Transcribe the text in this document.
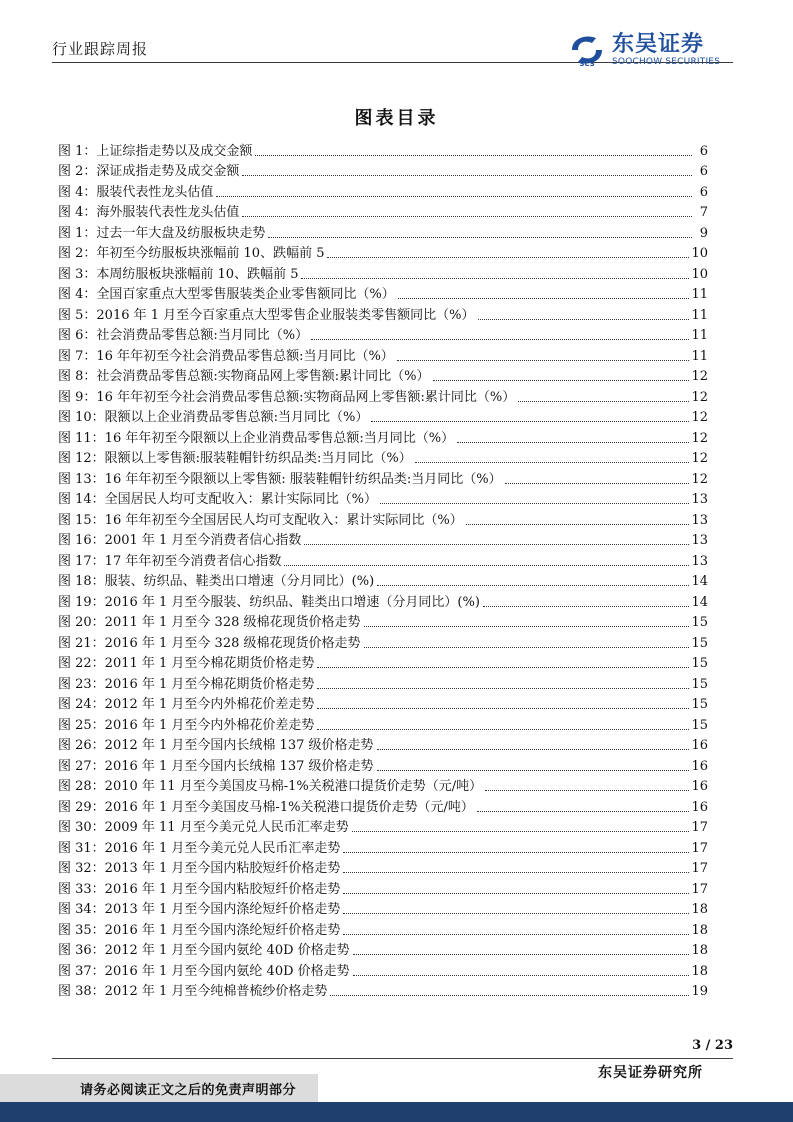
行业跟踪周报
SCS
东吴证券
SOOCHOW SECURITIES
图表目录
图 1：上证综指走势以及成交金额	6
图 2：深证成指走势及成交金额	6
图 4：服装代表性龙头估值	6
图 4：海外服装代表性龙头估值	7
图 1：过去一年大盘及纺服板块走势	9
图 2：年初至今纺服板块涨幅前 10、跌幅前 5	10
图 3：本周纺服板块涨幅前 10、跌幅前 5	10
图 4：全国百家重点大型零售服装类企业零售额同比（%）	11
图 5：2016 年 1 月至今百家重点大型零售企业服装类零售额同比（%）	11
图 6：社会消费品零售总额:当月同比（%）	11
图 7：16 年年初至今社会消费品零售总额:当月同比（%）	11
图 8：社会消费品零售总额:实物商品网上零售额:累计同比（%）	12
图 9：16 年年初至今社会消费品零售总额:实物商品网上零售额:累计同比（%）	12
图 10：限额以上企业消费品零售总额:当月同比（%）	12
图 11：16 年年初至今限额以上企业消费品零售总额:当月同比（%）	12
图 12：限额以上零售额:服装鞋帽针纺织品类:当月同比（%）	12
图 13：16 年年初至今限额以上零售额: 服装鞋帽针纺织品类:当月同比（%）	12
图 14：全国居民人均可支配收入：累计实际同比（%）	13
图 15：16 年年初至今全国居民人均可支配收入：累计实际同比（%）	13
图 16：2001 年 1 月至今消费者信心指数	13
图 17：17 年年初至今消费者信心指数	13
图 18：服装、纺织品、鞋类出口增速（分月同比）(%)	14
图 19：2016 年 1 月至今服装、纺织品、鞋类出口增速（分月同比）(%)	14
图 20：2011 年 1 月至今 328 级棉花现货价格走势	15
图 21：2016 年 1 月至今 328 级棉花现货价格走势	15
图 22：2011 年 1 月至今棉花期货价格走势	15
图 23：2016 年 1 月至今棉花期货价格走势	15
图 24：2012 年 1 月至今内外棉花价差走势	15
图 25：2016 年 1 月至今内外棉花价差走势	15
图 26：2012 年 1 月至今国内长绒棉 137 级价格走势	16
图 27：2016 年 1 月至今国内长绒棉 137 级价格走势	16
图 28：2010 年 11 月至今美国皮马棉-1%关税港口提货价走势（元/吨）	16
图 29：2016 年 1 月至今美国皮马棉-1%关税港口提货价走势（元/吨）	16
图 30：2009 年 11 月至今美元兑人民币汇率走势	17
图 31：2016 年 1 月至今美元兑人民币汇率走势	17
图 32：2013 年 1 月至今国内粘胶短纤价格走势	17
图 33：2016 年 1 月至今国内粘胶短纤价格走势	17
图 34：2013 年 1 月至今国内涤纶短纤价格走势	18
图 35：2016 年 1 月至今国内涤纶短纤价格走势	18
图 36：2012 年 1 月至今国内氨纶 40D 价格走势	18
图 37：2016 年 1 月至今国内氨纶 40D 价格走势	18
图 38：2012 年 1 月至今纯棉普梳纱价格走势	19
3 / 23
东吴证券研究所
请务必阅读正文之后的免责声明部分
